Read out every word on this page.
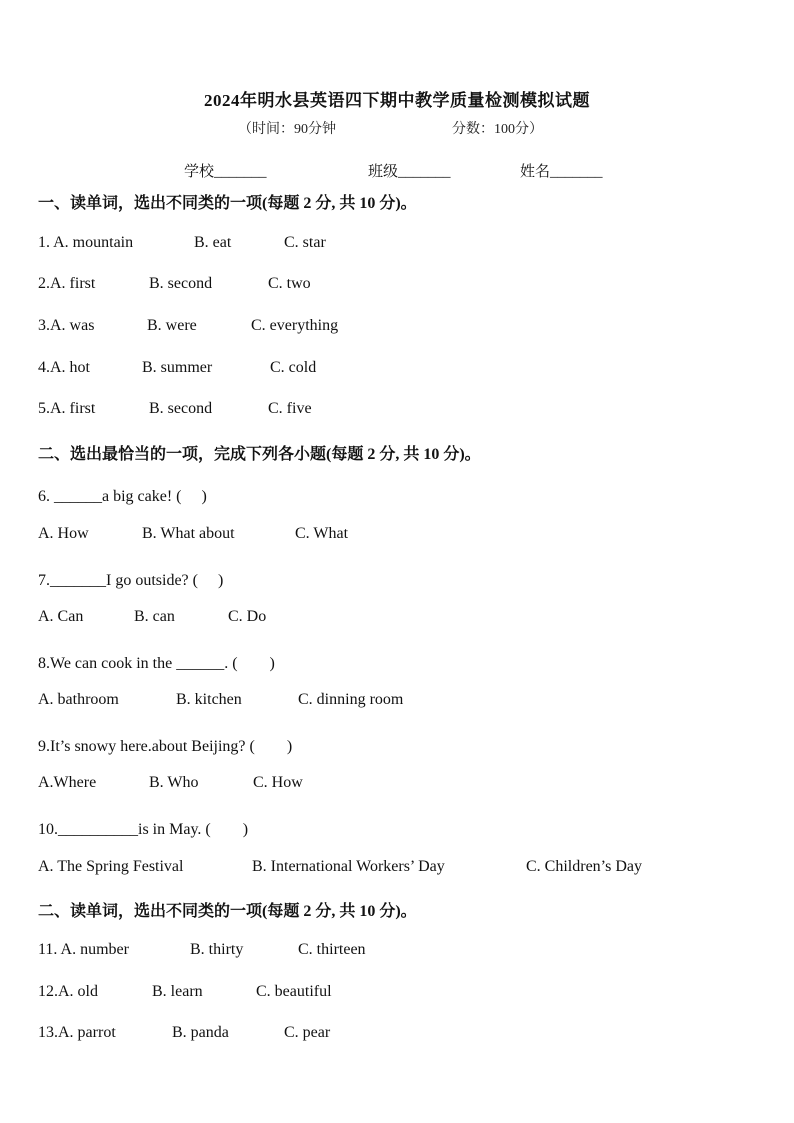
2024年明水县英语四下期中教学质量检测模拟试题
（时间：90分钟	分数：100分）
学校_______	班级_______	姓名_______
一、读单词，选出不同类的一项(每题 2 分, 共 10 分)。
1. A. mountain	B. eat	C. star
2.A. first	B. second	C. two
3.A. was	B. were	C. everything
4.A. hot	B. summer	C. cold
5.A. first	B. second	C. five
二、选出最恰当的一项，完成下列各小题(每题 2 分, 共 10 分)。
6. ______a big cake! (　 )
A. How	B. What about	C. What
7._______I go outside? (　 )
A. Can	B. can	C. Do
8.We can cook in the ______. (　　)
A. bathroom	B. kitchen	C. dinning room
9.It’s snowy here.about Beijing? (　　)
A.Where	B. Who	C. How
10.__________is in May. (　　)
A. The Spring Festival	B. International Workers’ Day	C. Children’s Day
二、读单词，选出不同类的一项(每题 2 分, 共 10 分)。
11. A. number	B. thirty	C. thirteen
12.A. old	B. learn	C. beautiful
13.A. parrot	B. panda	C. pear
